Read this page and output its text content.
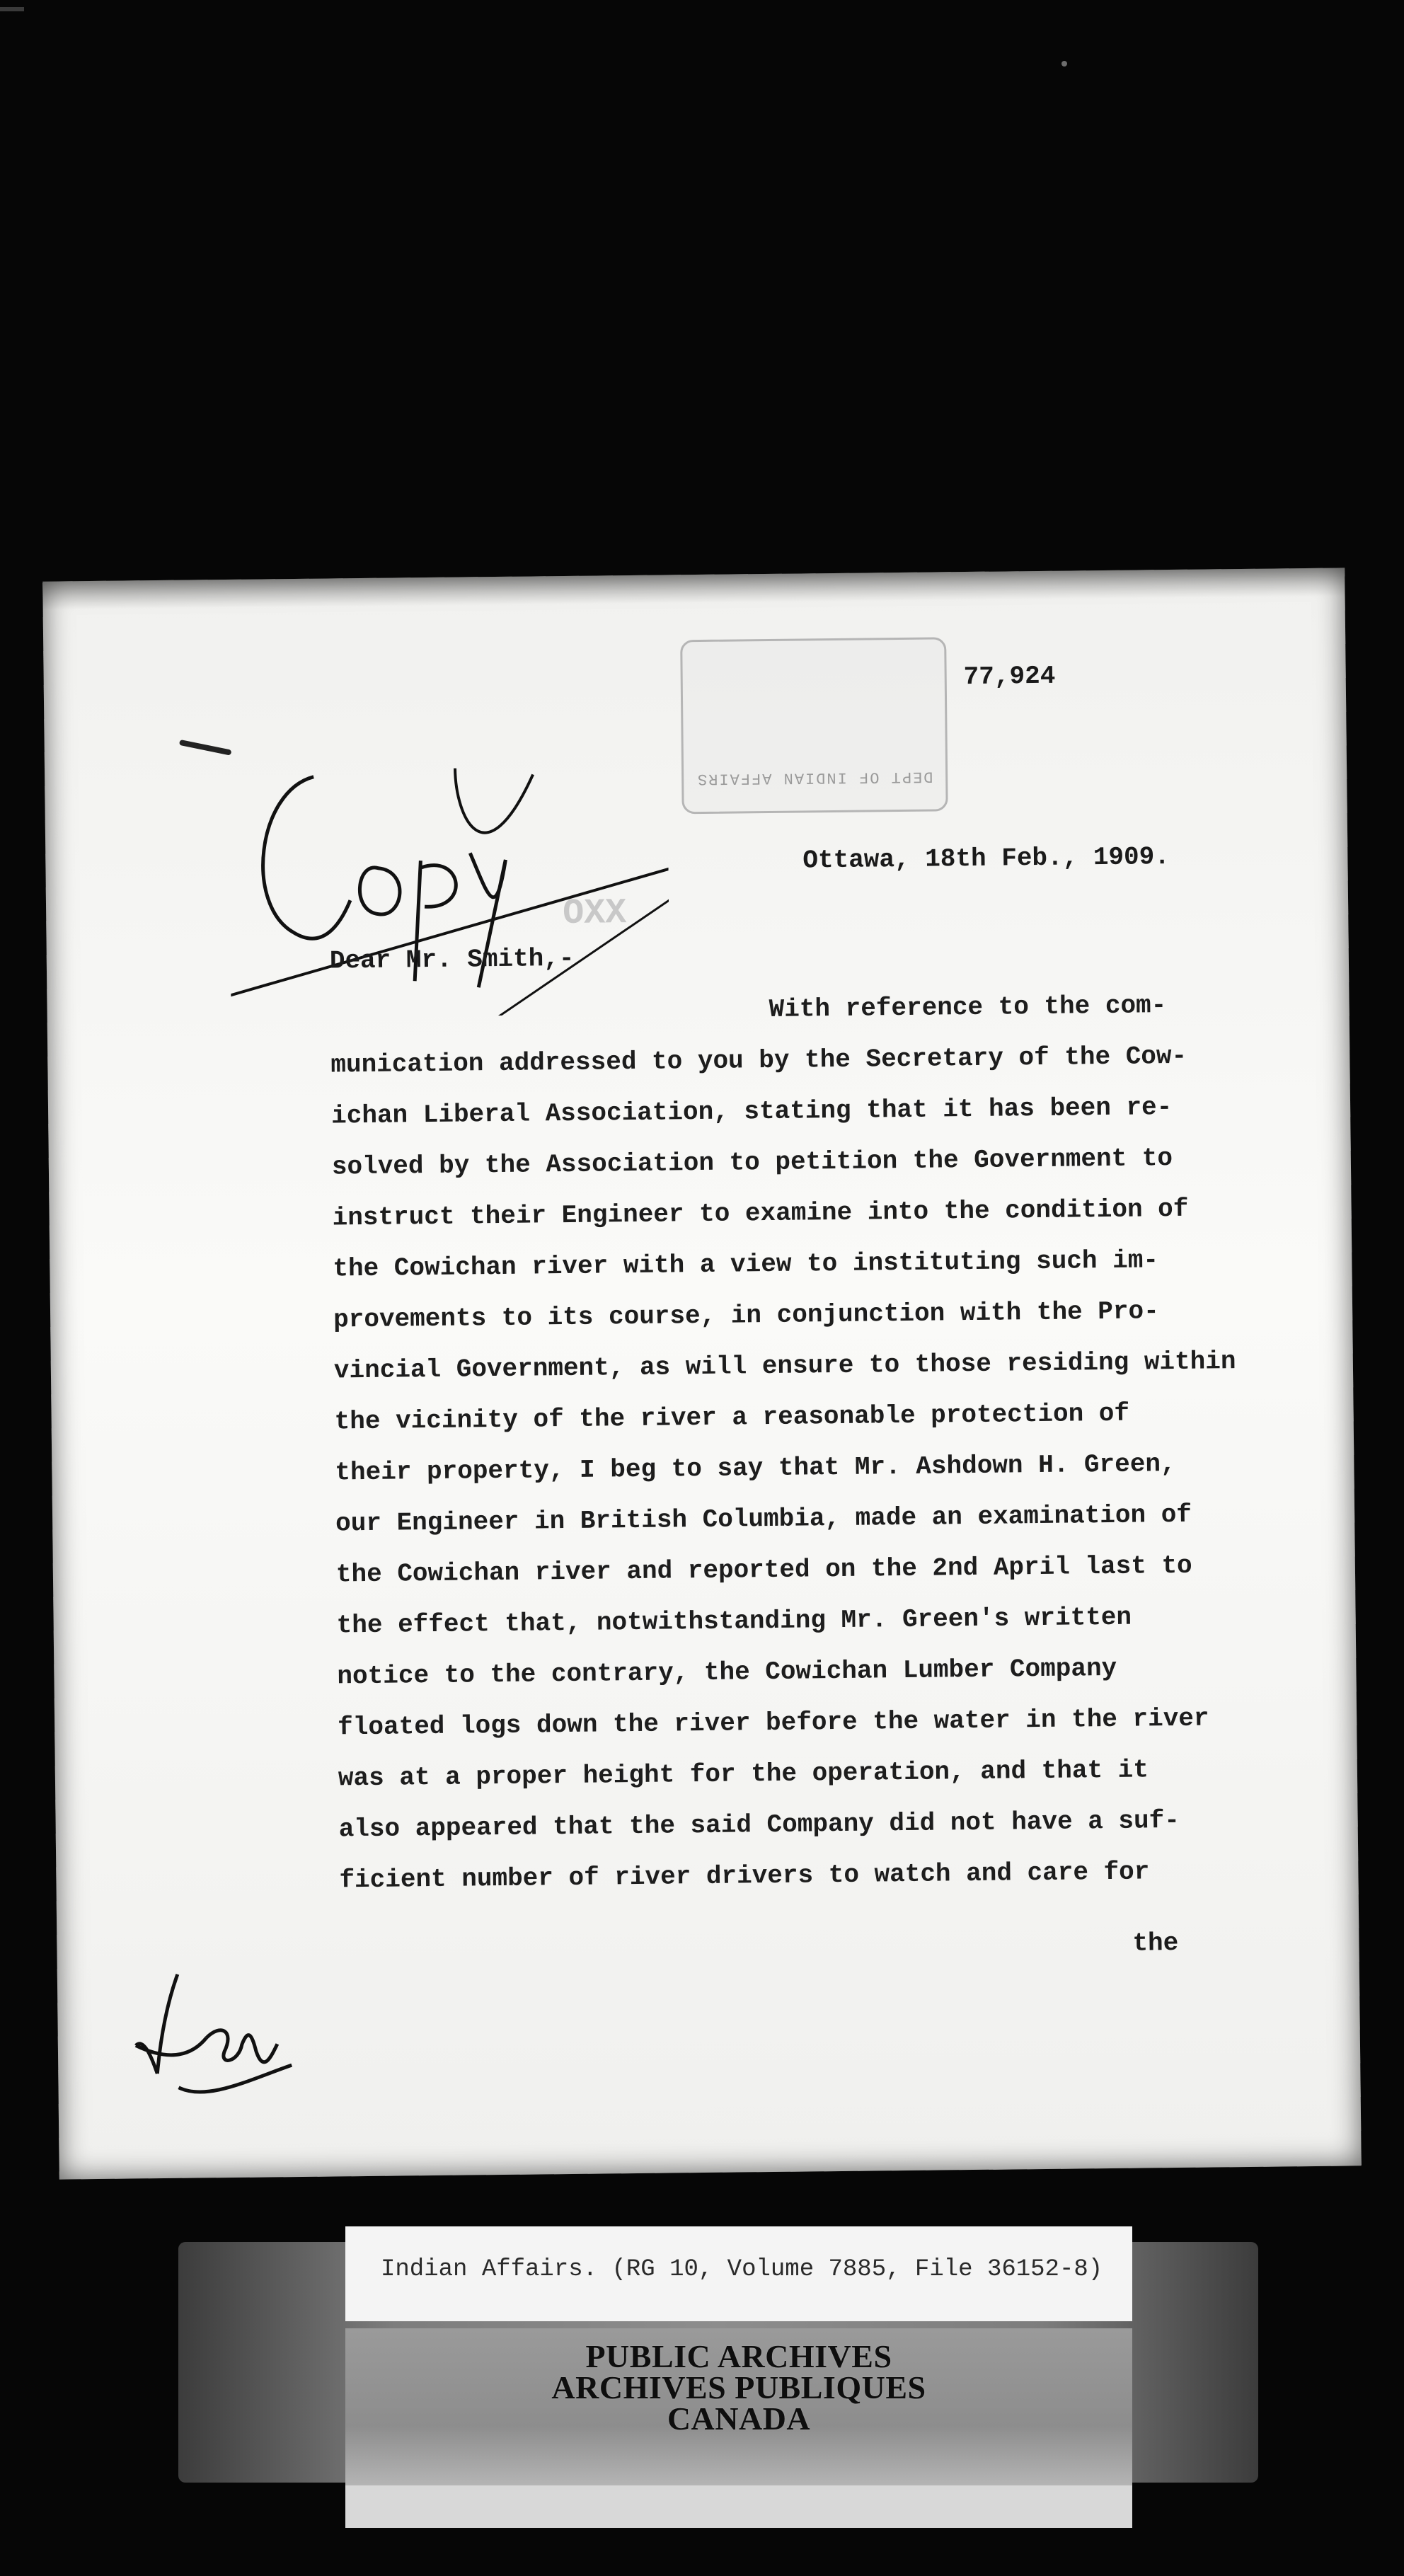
DEPT OF INDIAN AFFAIRS
77,924
OXX
Ottawa, 18th Feb., 1909.
Dear Mr. Smith,-
With reference to the com-
munication addressed to you by the Secretary of the Cow-
ichan Liberal Association, stating that it has been re-
solved by the Association to petition the Government to
instruct their Engineer to examine into the condition of
the Cowichan river with a view to instituting such im-
provements to its course, in conjunction with the Pro-
vincial Government, as will ensure to those residing within
the vicinity of the river a reasonable protection of
their property, I beg to say that Mr. Ashdown H. Green,
our Engineer in British Columbia, made an examination of
the Cowichan river and reported on the 2nd April last to
the effect that, notwithstanding Mr. Green's written
notice to the contrary, the Cowichan Lumber Company
floated logs down the river before the water in the river
was at a proper height for the operation, and that it
also appeared that the said Company did not have a suf-
ficient number of river drivers to watch and care for
the
Indian Affairs. (RG 10, Volume 7885, File 36152-8)
PUBLIC ARCHIVES
ARCHIVES PUBLIQUES
CANADA
